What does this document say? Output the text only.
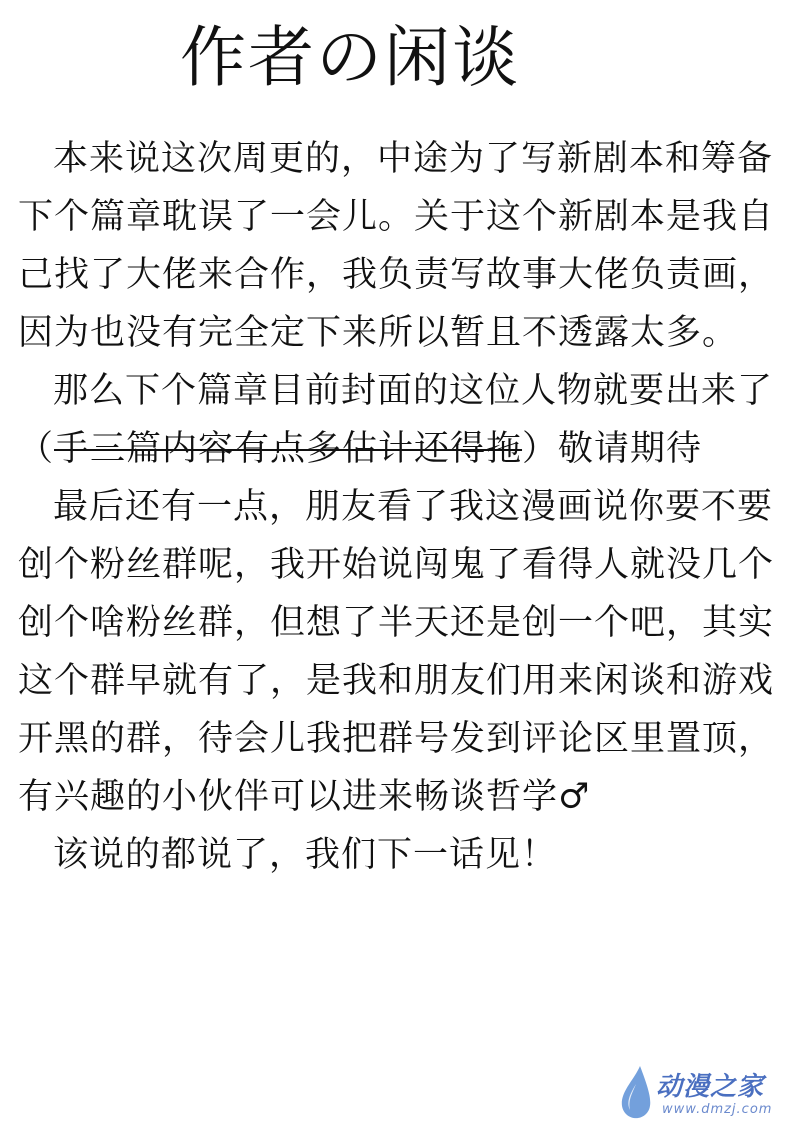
作者の闲谈

本来说这次周更的，中途为了写新剧本和筹备下个篇章耽误了一会儿。关于这个新剧本是我自己找了大佬来合作，我负责写故事大佬负责画，因为也没有完全定下来所以暂且不透露太多。

那么下个篇章目前封面的这位人物就要出来了（手三篇内容有点多估计还得拖）敬请期待

最后还有一点，朋友看了我这漫画说你要不要创个粉丝群呢，我开始说闯鬼了看得人就没几个创个啥粉丝群，但想了半天还是创一个吧，其实这个群早就有了，是我和朋友们用来闲谈和游戏开黑的群，待会儿我把群号发到评论区里置顶，有兴趣的小伙伴可以进来畅谈哲学♂

该说的都说了，我们下一话见！

动漫之家
www.dmzj.com
